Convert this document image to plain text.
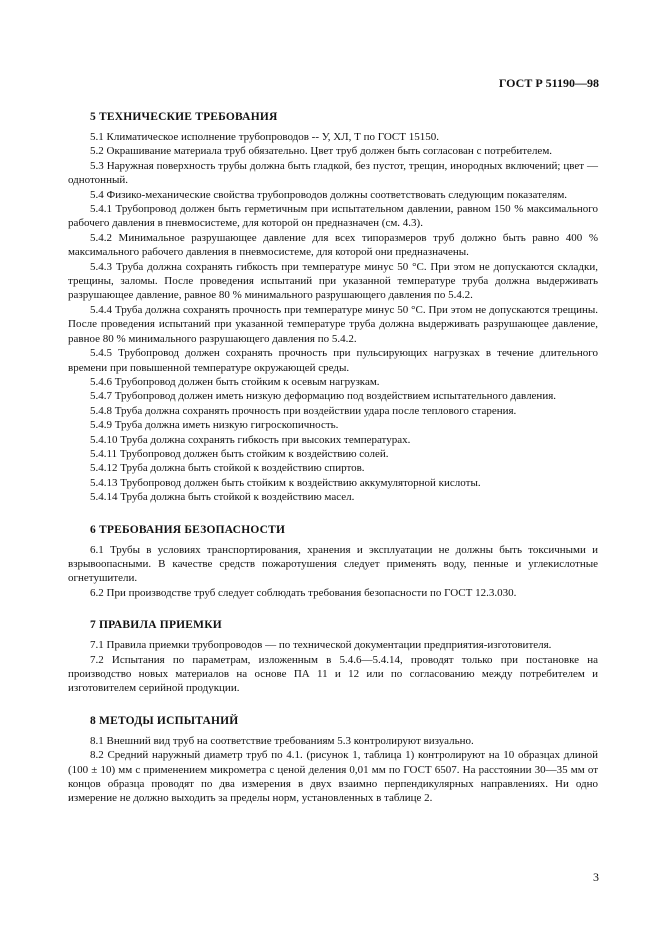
ГОСТ Р 51190—98
5 ТЕХНИЧЕСКИЕ ТРЕБОВАНИЯ

5.1 Климатическое исполнение трубопроводов -- У, ХЛ, Т по ГОСТ 15150.

5.2 Окрашивание материала труб обязательно. Цвет труб должен быть согласован с потребителем.

5.3 Наружная поверхность трубы должна быть гладкой, без пустот, трещин, инородных включений; цвет — однотонный.

5.4 Физико-механические свойства трубопроводов должны соответствовать следующим показателям.

5.4.1 Трубопровод должен быть герметичным при испытательном давлении, равном 150 % максимального рабочего давления в пневмосистеме, для которой он предназначен (см. 4.3).

5.4.2 Минимальное разрушающее давление для всех типоразмеров труб должно быть равно 400 % максимального рабочего давления в пневмосистеме, для которой они предназначены.

5.4.3 Труба должна сохранять гибкость при температуре минус 50 °С. При этом не допускаются складки, трещины, заломы. После проведения испытаний при указанной температуре труба должна выдерживать разрушающее давление, равное 80 % минимального разрушающего давления по 5.4.2.

5.4.4 Труба должна сохранять прочность при температуре минус 50 °С. При этом не допускаются трещины. После проведения испытаний при указанной температуре труба должна выдерживать разрушающее давление, равное 80 % минимального разрушающего давления по 5.4.2.

5.4.5 Трубопровод должен сохранять прочность при пульсирующих нагрузках в течение длительного времени при повышенной температуре окружающей среды.

5.4.6 Трубопровод должен быть стойким к осевым нагрузкам.

5.4.7 Трубопровод должен иметь низкую деформацию под воздействием испытательного давления.

5.4.8 Труба должна сохранять прочность при воздействии удара после теплового старения.

5.4.9 Труба должна иметь низкую гигроскопичность.

5.4.10 Труба должна сохранять гибкость при высоких температурах.

5.4.11 Трубопровод должен быть стойким к воздействию солей.

5.4.12 Труба должна быть стойкой к воздействию спиртов.

5.4.13 Трубопровод должен быть стойким к воздействию аккумуляторной кислоты.

5.4.14 Труба должна быть стойкой к воздействию масел.

6 ТРЕБОВАНИЯ БЕЗОПАСНОСТИ

6.1 Трубы в условиях транспортирования, хранения и эксплуатации не должны быть токсичными и взрывоопасными. В качестве средств пожаротушения следует применять воду, пенные и углекислотные огнетушители.

6.2 При производстве труб следует соблюдать требования безопасности по ГОСТ 12.3.030.

7 ПРАВИЛА ПРИЕМКИ

7.1 Правила приемки трубопроводов — по технической документации предприятия-изготовителя.

7.2 Испытания по параметрам, изложенным в 5.4.6—5.4.14, проводят только при постановке на производство новых материалов на основе ПА 11 и 12 или по согласованию между потребителем и изготовителем серийной продукции.

8 МЕТОДЫ ИСПЫТАНИЙ

8.1 Внешний вид труб на соответствие требованиям 5.3 контролируют визуально.

8.2 Средний наружный диаметр труб по 4.1. (рисунок 1, таблица 1) контролируют на 10 образцах длиной (100 ± 10) мм с применением микрометра с ценой деления 0,01 мм по ГОСТ 6507. На расстоянии 30—35 мм от концов образца проводят по два измерения в двух взаимно перпендикулярных направлениях. Ни одно измерение не должно выходить за пределы норм, установленных в таблице 2.

3
